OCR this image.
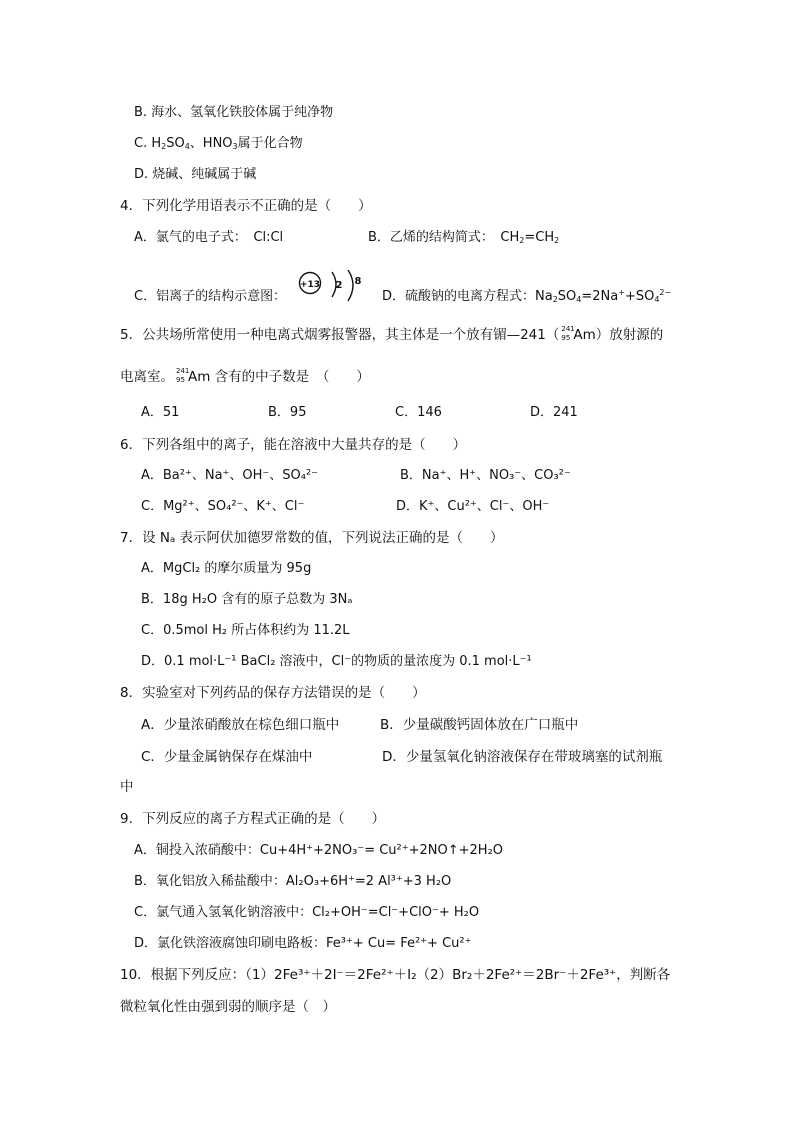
B. 海水、氢氧化铁胶体属于纯净物
C. $H_2SO_4$、$HNO_3$属于化合物
D. 烧碱、纯碱属于碱
4．下列化学用语表示不正确的是（　　）
A．氯气的电子式：　Cl:Cl	B．乙烯的结构简式：　$CH_2=CH_2$
C．铝离子的结构示意图：	D．硫酸钠的电离方程式：$Na_2SO_4=2Na^++SO_4^{2-}$
+13 2 8
5．公共场所常使用一种电离式烟雾报警器，其主体是一个放有镅—241（ 241
95 Am）放射源的
电离室。 241
95 Am 含有的中子数是　（　　）
A．51	B．95	C．146	D．241
6．下列各组中的离子，能在溶液中大量共存的是（　　）
A．Ba²⁺、Na⁺、OH⁻、SO₄²⁻	B．Na⁺、H⁺、NO₃⁻、CO₃²⁻
C．Mg²⁺、SO₄²⁻、K⁺、Cl⁻	D．K⁺、Cu²⁺、Cl⁻、OH⁻
7．设 Nₐ 表示阿伏加德罗常数的值，下列说法正确的是（　　）
A．MgCl₂ 的摩尔质量为 95g
B．18g H₂O 含有的原子总数为 3Nₐ
C．0.5mol H₂ 所占体积约为 11.2L
D．0.1 mol·L⁻¹ BaCl₂ 溶液中，Cl⁻的物质的量浓度为 0.1 mol·L⁻¹
8．实验室对下列药品的保存方法错误的是（　　）
A．少量浓硝酸放在棕色细口瓶中	B．少量碳酸钙固体放在广口瓶中
C．少量金属钠保存在煤油中	D．少量氢氧化钠溶液保存在带玻璃塞的试剂瓶
中
9．下列反应的离子方程式正确的是（　　）
A．铜投入浓硝酸中：Cu+4H⁺+2NO₃⁻= Cu²⁺+2NO↑+2H₂O
B．氧化铝放入稀盐酸中：Al₂O₃+6H⁺=2 Al³⁺+3 H₂O
C．氯气通入氢氧化钠溶液中：Cl₂+OH⁻=Cl⁻+ClO⁻+ H₂O
D．氯化铁溶液腐蚀印刷电路板：Fe³⁺+ Cu= Fe²⁺+ Cu²⁺
10．根据下列反应：（1）2Fe³⁺＋2I⁻＝2Fe²⁺＋I₂（2）Br₂＋2Fe²⁺＝2Br⁻＋2Fe³⁺，判断各
微粒氧化性由强到弱的顺序是（　）
